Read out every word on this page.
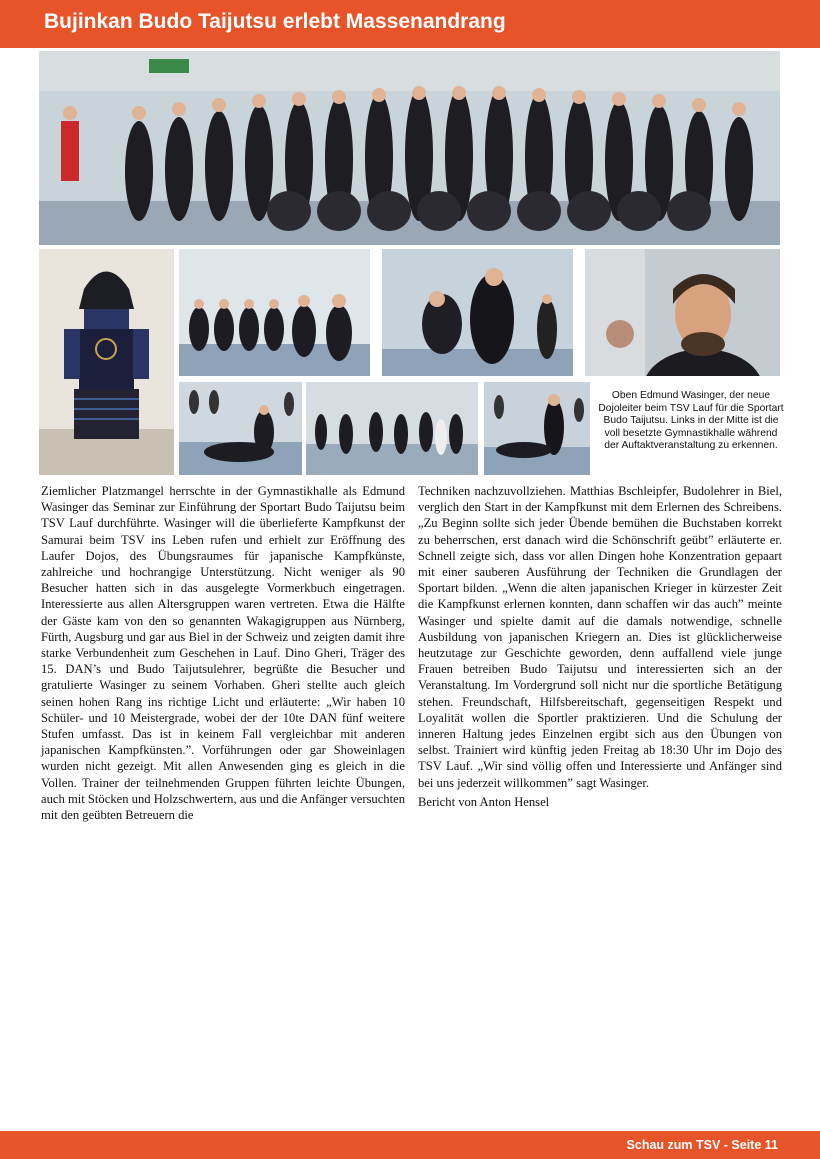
Bujinkan Budo Taijutsu erlebt Massenandrang
Oben Edmund Wasinger, der neue Dojoleiter beim TSV Lauf für die Sportart Budo Taijutsu. Links in der Mitte ist die voll besetzte Gymnastikhalle während der Auftaktveranstaltung zu erkennen.

Ziemlicher Platzmangel herrschte in der Gymnastikhalle als Edmund Wasinger das Seminar zur Einführung der Sportart Budo Taijutsu beim TSV Lauf durchführte. Wasinger will die überlieferte Kampfkunst der Samurai beim TSV ins Leben rufen und erhielt zur Eröffnung des Laufer Dojos, des Übungsraumes für japanische Kampfkünste, zahlreiche und hochrangige Unterstützung. Nicht weniger als 90 Besucher hatten sich in das ausgelegte Vormerkbuch eingetragen. Interessierte aus allen Altersgruppen waren vertreten. Etwa die Hälfte der Gäste kam von den so genannten Wakagigruppen aus Nürnberg, Fürth, Augsburg und gar aus Biel in der Schweiz und zeigten damit ihre starke Verbundenheit zum Geschehen in Lauf. Dino Gheri, Träger des 15. DAN’s und Budo Taijutsulehrer, begrüßte die Besucher und gratulierte Wasinger zu seinem Vorhaben. Gheri stellte auch gleich seinen hohen Rang ins richtige Licht und erläuterte: „Wir haben 10 Schüler- und 10 Meistergrade, wobei der der 10te DAN fünf weitere Stufen umfasst. Das ist in keinem Fall vergleichbar mit anderen japanischen Kampfkünsten.”. Vorführungen oder gar Showeinlagen wurden nicht gezeigt. Mit allen Anwesenden ging es gleich in die Vollen. Trainer der teilnehmenden Gruppen führten leichte Übungen, auch mit Stöcken und Holzschwertern, aus und die Anfänger versuchten mit den geübten Betreuern die

Techniken nachzuvollziehen. Matthias Bschleipfer, Budolehrer in Biel, verglich den Start in der Kampfkunst mit dem Erlernen des Schreibens. „Zu Beginn sollte sich jeder Übende bemühen die Buchstaben korrekt zu beherrschen, erst danach wird die Schönschrift geübt” erläuterte er. Schnell zeigte sich, dass vor allen Dingen hohe Konzentration gepaart mit einer sauberen Ausführung der Techniken die Grundlagen der Sportart bilden. „Wenn die alten japanischen Krieger in kürzester Zeit die Kampfkunst erlernen konnten, dann schaffen wir das auch” meinte Wasinger und spielte damit auf die damals notwendige, schnelle Ausbildung von japanischen Kriegern an. Dies ist glücklicherweise heutzutage zur Geschichte geworden, denn auffallend viele junge Frauen betreiben Budo Taijutsu und interessierten sich an der Veranstaltung. Im Vordergrund soll nicht nur die sportliche Betätigung stehen. Freundschaft, Hilfsbereitschaft, gegenseitigen Respekt und Loyalität wollen die Sportler praktizieren. Und die Schulung der inneren Haltung jedes Einzelnen ergibt sich aus den Übungen von selbst. Trainiert wird künftig jeden Freitag ab 18:30 Uhr im Dojo des TSV Lauf. „Wir sind völlig offen und Interessierte und Anfänger sind bei uns jederzeit willkommen” sagt Wasinger.

Bericht von Anton Hensel

Schau zum TSV - Seite 11
